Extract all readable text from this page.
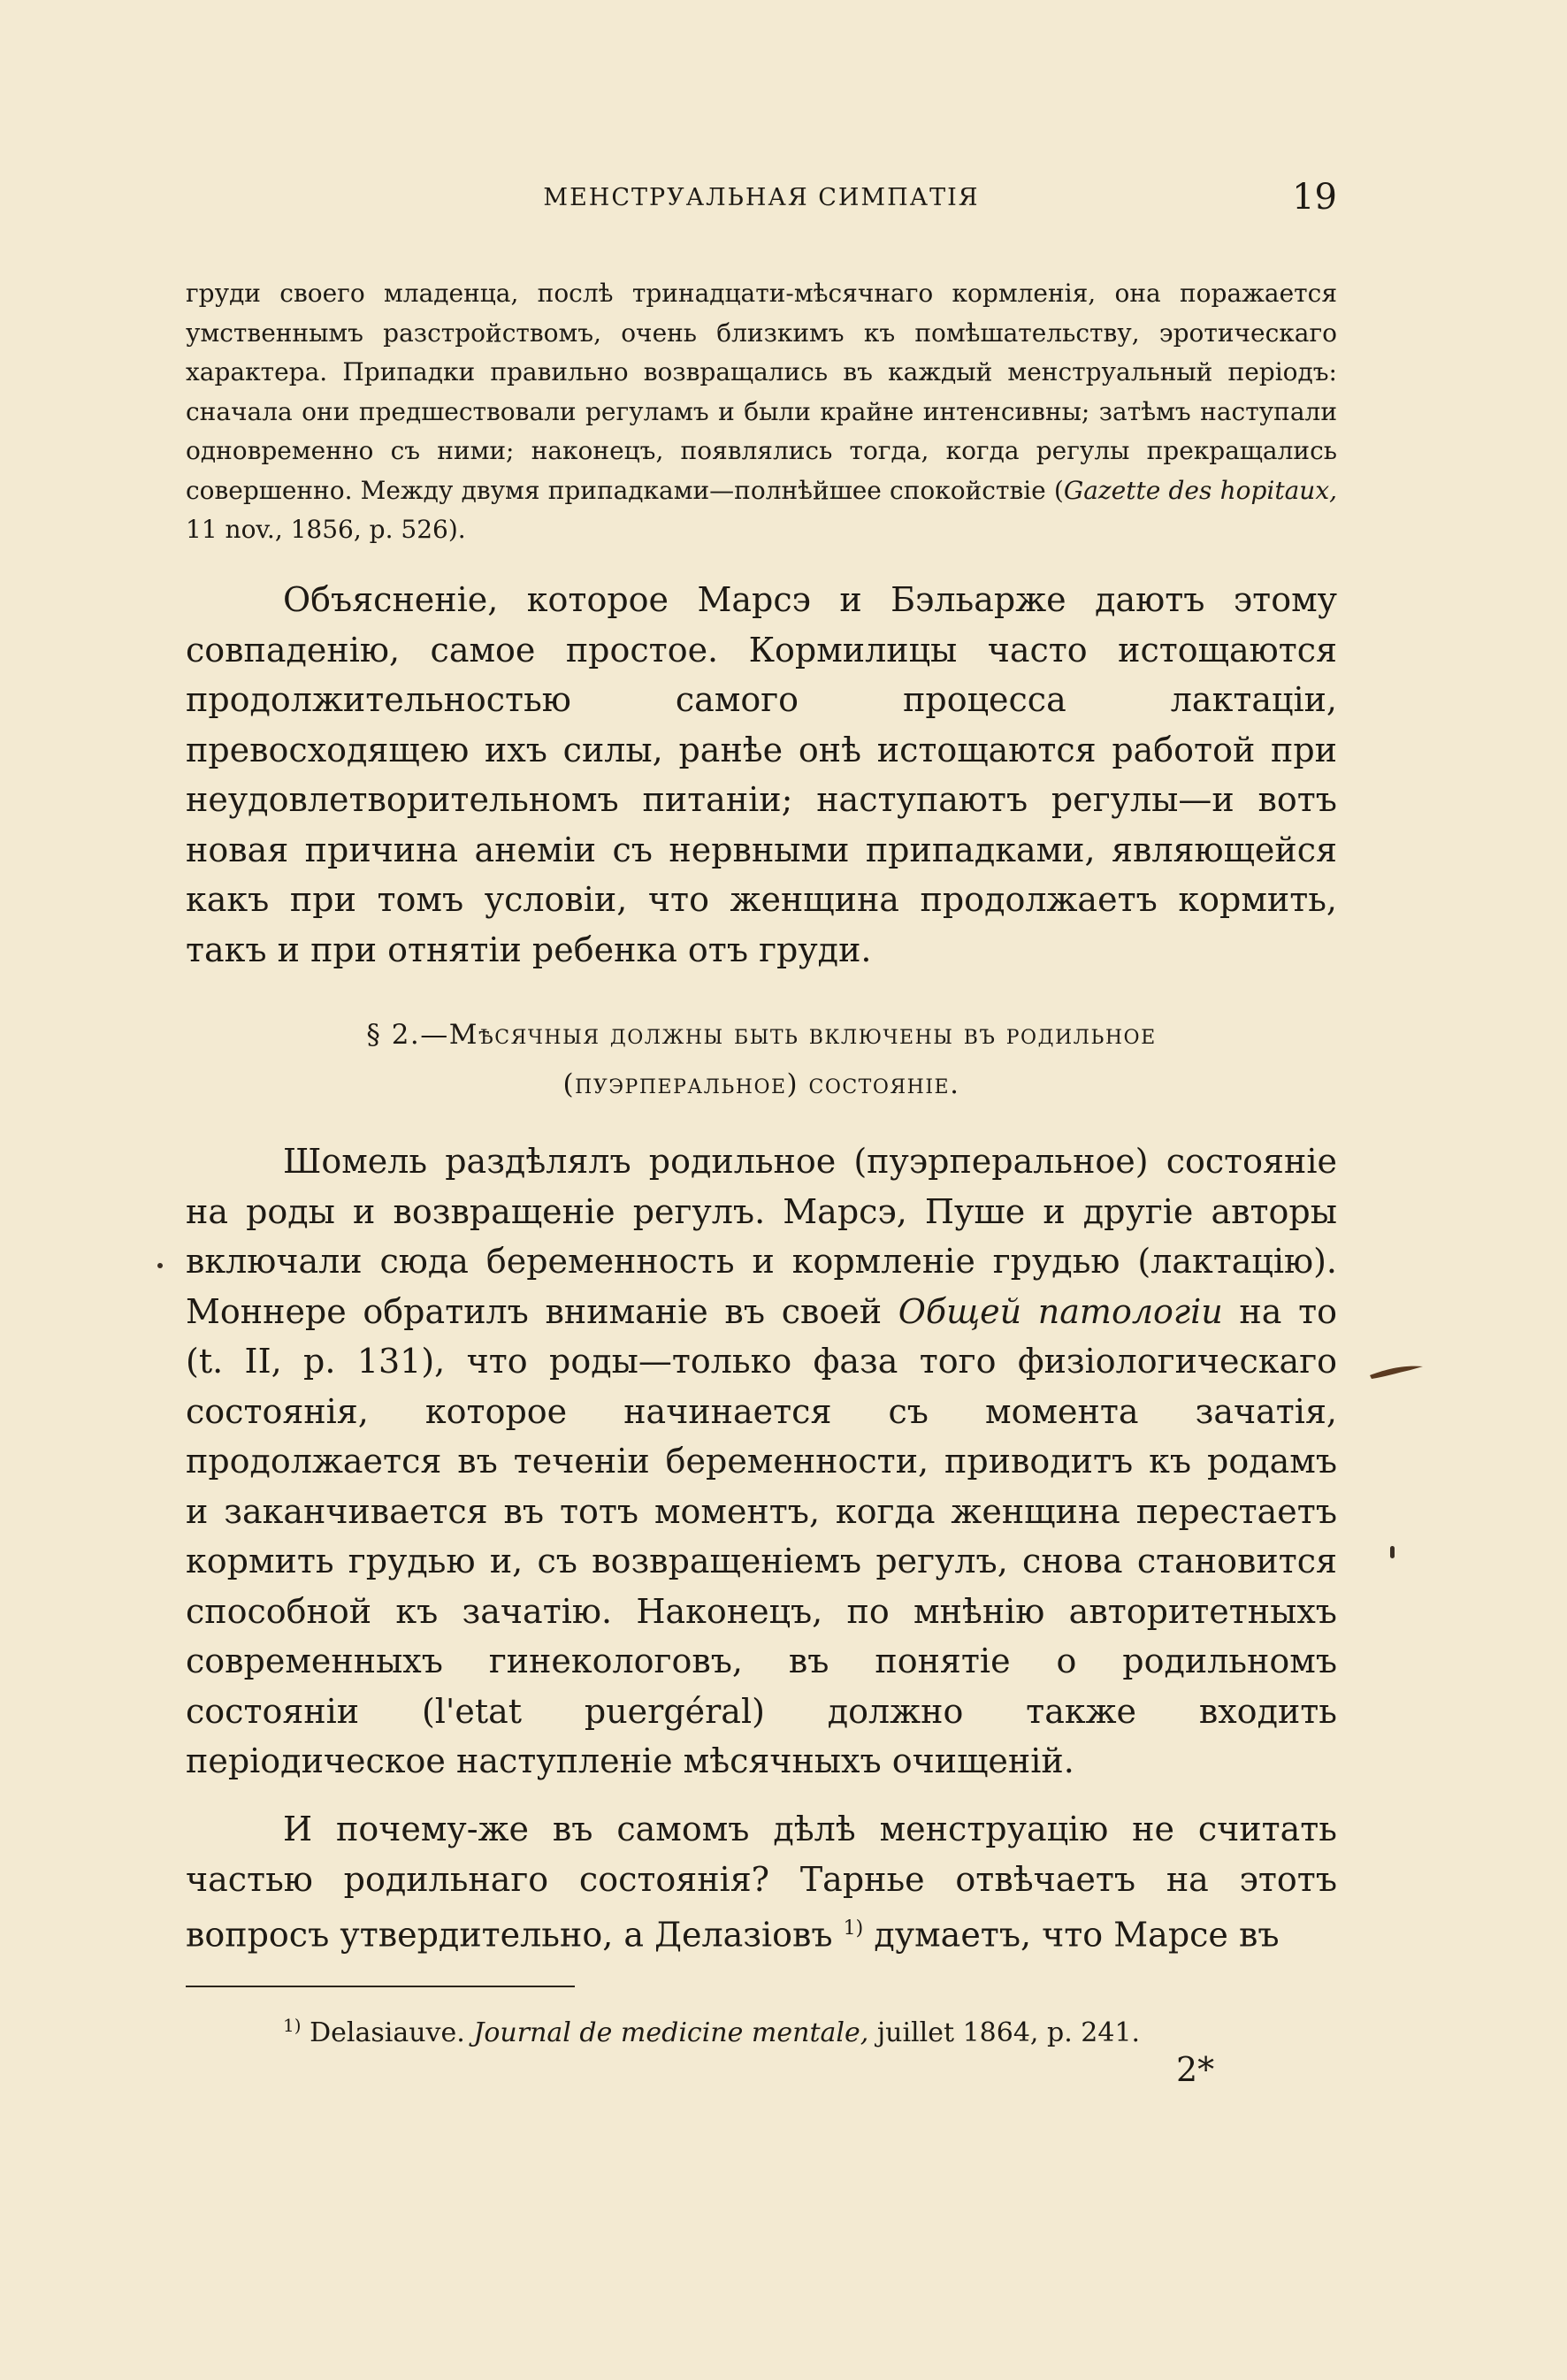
МЕНСТРУАЛЬНАЯ СИМПАТІЯ	19
груди своего младенца, послѣ тринадцати-мѣсячнаго кормленія, она поражается умственнымъ разстройствомъ, очень близкимъ къ помѣшательству, эротическаго характера. Припадки правильно возвращались въ каждый менструальный періодъ: сначала они предшествовали регуламъ и были крайне интенсивны; затѣмъ наступали одновременно съ ними; наконецъ, появлялись тогда, когда регулы прекращались совершенно. Между двумя припадками—полнѣйшее спокойствіе (Gazette des hopitaux, 11 nov., 1856, p. 526).
Объясненіе, которое Марсэ и Бэльарже даютъ этому совпаденію, самое простое. Кормилицы часто истощаются продолжительностью самого процесса лактаціи, превосходящею ихъ силы, ранѣе онѣ истощаются работой при неудовлетворительномъ питаніи; наступаютъ регулы—и вотъ новая причина анеміи съ нервными припадками, являющейся какъ при томъ условіи, что женщина продолжаетъ кормить, такъ и при отнятіи ребенка отъ груди.
§ 2.—Мѣсячныя должны быть включены въ родильное
(пуэрперальное) состояніе.
Шомель раздѣлялъ родильное (пуэрперальное) состояніе на роды и возвращеніе регулъ. Марсэ, Пуше и другіе авторы включали сюда беременность и кормленіе грудью (лактацію). Моннере обратилъ вниманіе въ своей Общей патологіи на то (t. II, p. 131), что роды—только фаза того физіологическаго состоянія, которое начинается съ момента зачатія, продолжается въ теченіи беременности, приводитъ къ родамъ и заканчивается въ тотъ моментъ, когда женщина перестаетъ кормить грудью и, съ возвращеніемъ регулъ, снова становится способной къ зачатію. Наконецъ, по мнѣнію авторитетныхъ современныхъ гинекологовъ, въ понятіе о родильномъ состояніи (l'etat puergéral) должно также входить періодическое наступленіе мѣсячныхъ очищеній.
И почему-же въ самомъ дѣлѣ менструацію не считать частью родильнаго состоянія? Тарнье отвѣчаетъ на этотъ вопросъ утвердительно, а Делазіовъ $^{1)}$ думаетъ, что Марсе въ
$^{1)}$ Delasiauve. Journal de medicine mentale, juillet 1864, p. 241.
2*
